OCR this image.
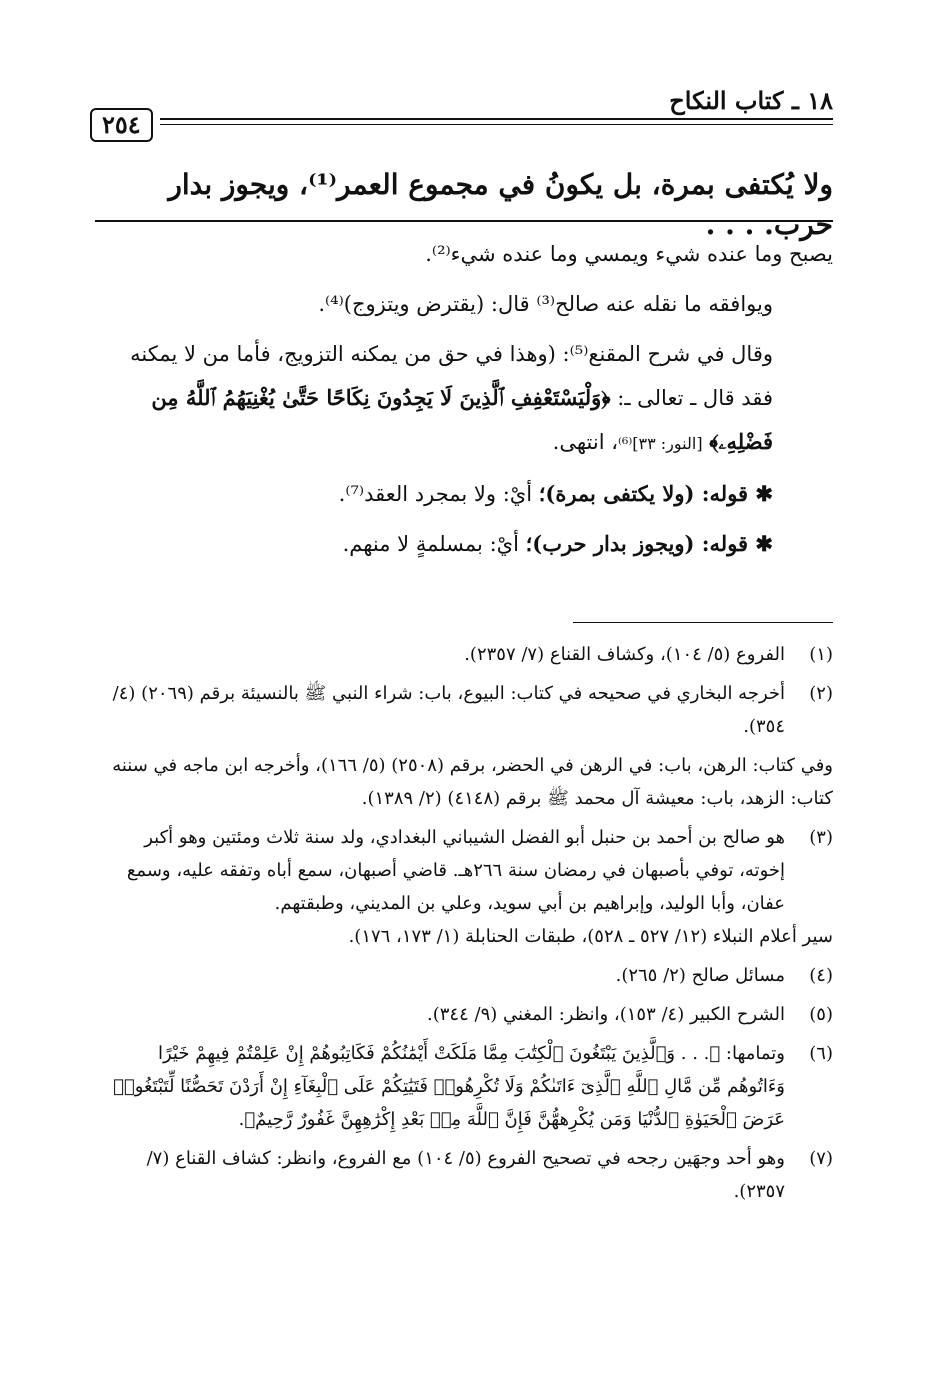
١٨ ـ كتاب النكاح
٢٥٤
ولا يُكتفى بمرة، بل يكونُ في مجموع العمر⁽¹⁾، ويجوز بدار حرب. . . .

يصبح وما عنده شيء ويمسي وما عنده شيء⁽²⁾.

ويوافقه ما نقله عنه صالح⁽³⁾ قال: (يقترض ويتزوج)⁽⁴⁾.

وقال في شرح المقنع⁽⁵⁾: (وهذا في حق من يمكنه التزويج، فأما من لا يمكنه فقد قال ـ تعالى ـ: ﴿وَلْيَسْتَعْفِفِ ٱلَّذِينَ لَا يَجِدُونَ نِكَاحًا حَتَّىٰ يُغْنِيَهُمُ ٱللَّهُ مِن فَضْلِهِۦ﴾ [النور: ٣٣]⁽⁶⁾، انتهى.

✱ قوله: (ولا يكتفى بمرة)؛ أيْ: ولا بمجرد العقد⁽⁷⁾.

✱ قوله: (ويجوز بدار حرب)؛ أيْ: بمسلمةٍ لا منهم.

(١)

الفروع (٥/ ١٠٤)، وكشاف القناع (٧/ ٢٣٥٧).

(٢)

أخرجه البخاري في صحيحه في كتاب: البيوع، باب: شراء النبي ﷺ بالنسيئة برقم (٢٠٦٩) (٤/ ٣٥٤).

وفي كتاب: الرهن، باب: في الرهن في الحضر، برقم (٢٥٠٨) (٥/ ١٦٦)، وأخرجه ابن ماجه في سننه كتاب: الزهد، باب: معيشة آل محمد ﷺ برقم (٤١٤٨) (٢/ ١٣٨٩).

(٣)

هو صالح بن أحمد بن حنبل أبو الفضل الشيباني البغدادي، ولد سنة ثلاث ومئتين وهو أكبر إخوته، توفي بأصبهان في رمضان سنة ٢٦٦هـ. قاضي أصبهان، سمع أباه وتفقه عليه، وسمع عفان، وأبا الوليد، وإبراهيم بن أبي سويد، وعلي بن المديني، وطبقتهم.

سير أعلام النبلاء (١٢/ ٥٢٧ ـ ٥٢٨)، طبقات الحنابلة (١/ ١٧٣، ١٧٦).

(٤)

مسائل صالح (٢/ ٢٦٥).

(٥)

الشرح الكبير (٤/ ١٥٣)، وانظر: المغني (٩/ ٣٤٤).

(٦)

وتمامها: ﴿. . . وَٱلَّذِينَ يَبْتَغُونَ ٱلْكِتَٰبَ مِمَّا مَلَكَتْ أَيْمَٰنُكُمْ فَكَاتِبُوهُمْ إِنْ عَلِمْتُمْ فِيهِمْ خَيْرًا وَءَاتُوهُم مِّن مَّالِ ٱللَّهِ ٱلَّذِىٓ ءَاتَىٰكُمْ وَلَا تُكْرِهُوا۟ فَتَيَٰتِكُمْ عَلَى ٱلْبِغَآءِ إِنْ أَرَدْنَ تَحَصُّنًا لِّتَبْتَغُوا۟ عَرَضَ ٱلْحَيَوٰةِ ٱلدُّنْيَا وَمَن يُكْرِههُّنَّ فَإِنَّ ٱللَّهَ مِنۢ بَعْدِ إِكْرَٰهِهِنَّ غَفُورٌ رَّحِيمٌ﴾.

(٧)

وهو أحد وجهَين رجحه في تصحيح الفروع (٥/ ١٠٤) مع الفروع، وانظر: كشاف القناع (٧/ ٢٣٥٧).
